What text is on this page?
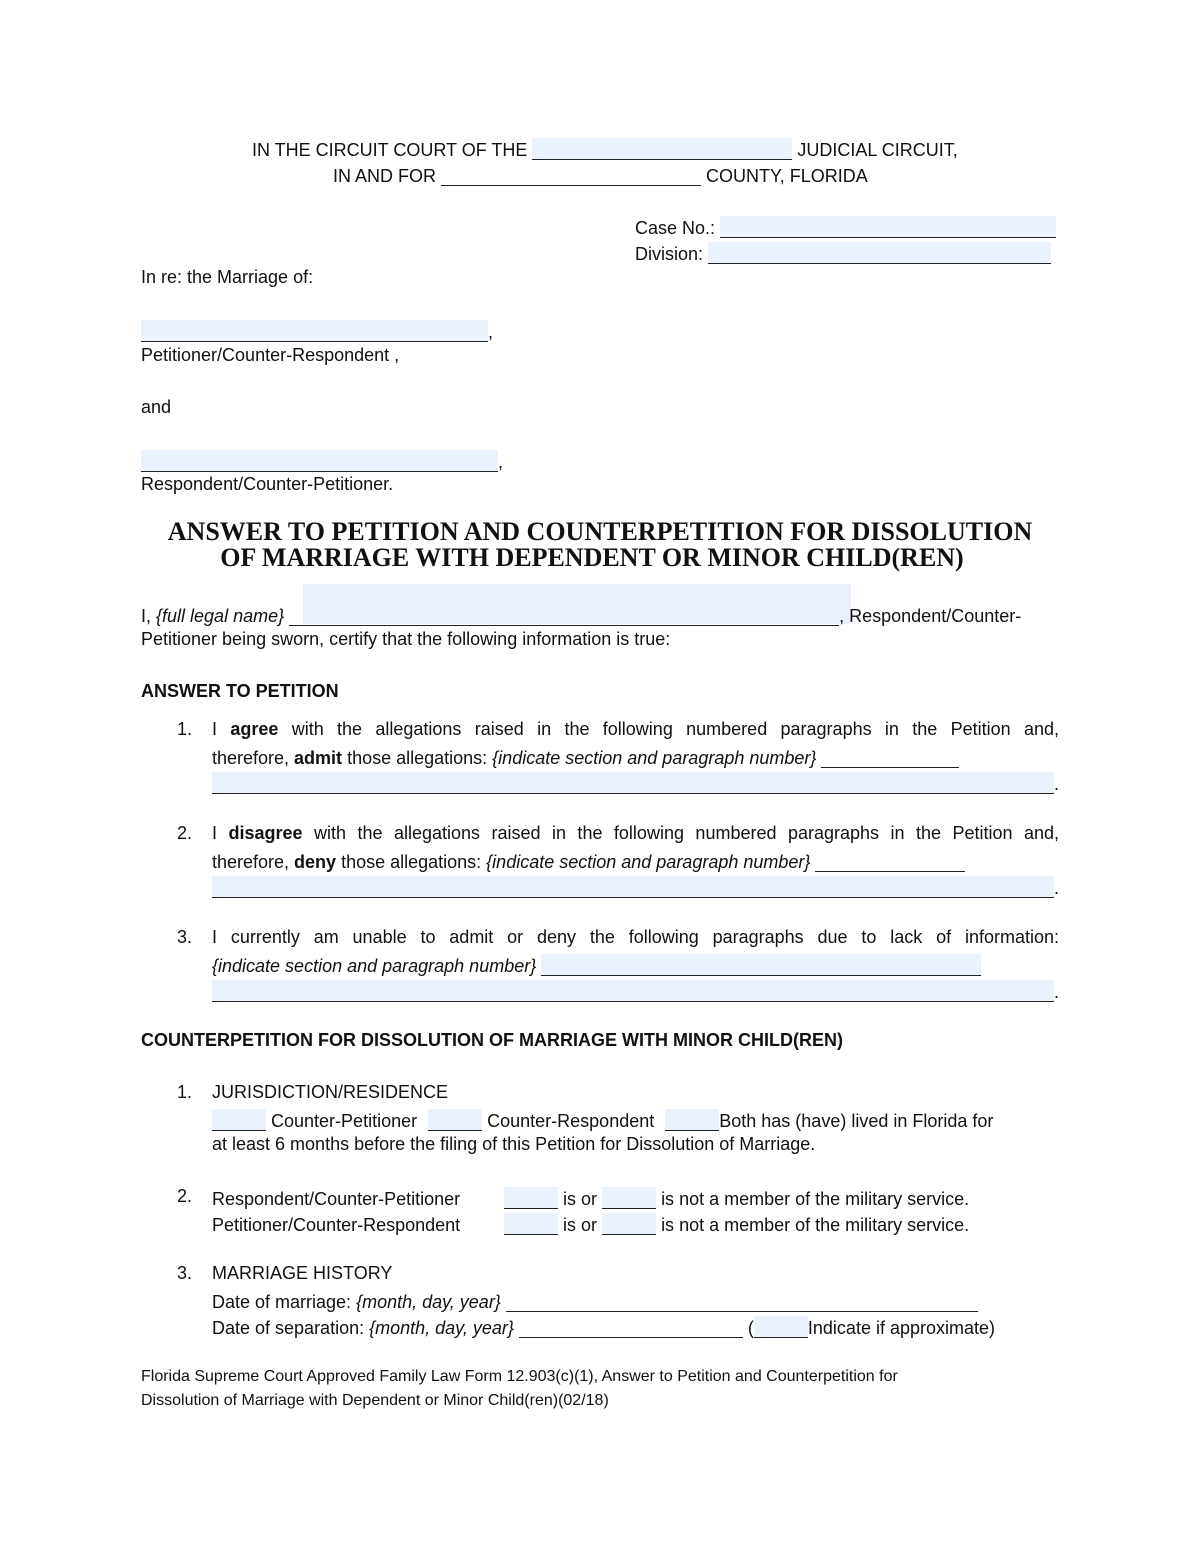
IN THE CIRCUIT COURT OF THE	JUDICIAL CIRCUIT,
IN AND FOR	COUNTY, FLORIDA
Case No.:
Division:
In re: the Marriage of:
,
Petitioner/Counter-Respondent ,
and
,
Respondent/Counter-Petitioner.
ANSWER TO PETITION AND COUNTERPETITION FOR DISSOLUTION
OF MARRIAGE WITH DEPENDENT OR MINOR CHILD(REN)
I, {full legal name}	, Respondent/Counter-
Petitioner being sworn, certify that the following information is true:
ANSWER TO PETITION
1. I agree with the allegations raised in the following numbered paragraphs in the Petition and,
therefore, admit those allegations: {indicate section and paragraph number}
.
2. I disagree with the allegations raised in the following numbered paragraphs in the Petition and,
therefore, deny those allegations: {indicate section and paragraph number}
.
3. I currently am unable to admit or deny the following paragraphs due to lack of information:
{indicate section and paragraph number}
.
COUNTERPETITION FOR DISSOLUTION OF MARRIAGE WITH MINOR CHILD(REN)
1. JURISDICTION/RESIDENCE
Counter-Petitioner	Counter-Respondent	Both has (have) lived in Florida for
at least 6 months before the filing of this Petition for Dissolution of Marriage.
2. Respondent/Counter-Petitioner	is or	is not a member of the military service.
Petitioner/Counter-Respondent	is or	is not a member of the military service.
3. MARRIAGE HISTORY
Date of marriage: {month, day, year}
Date of separation: {month, day, year}	(	Indicate if approximate)
Florida Supreme Court Approved Family Law Form 12.903(c)(1), Answer to Petition and Counterpetition for
Dissolution of Marriage with Dependent or Minor Child(ren)(02/18)
